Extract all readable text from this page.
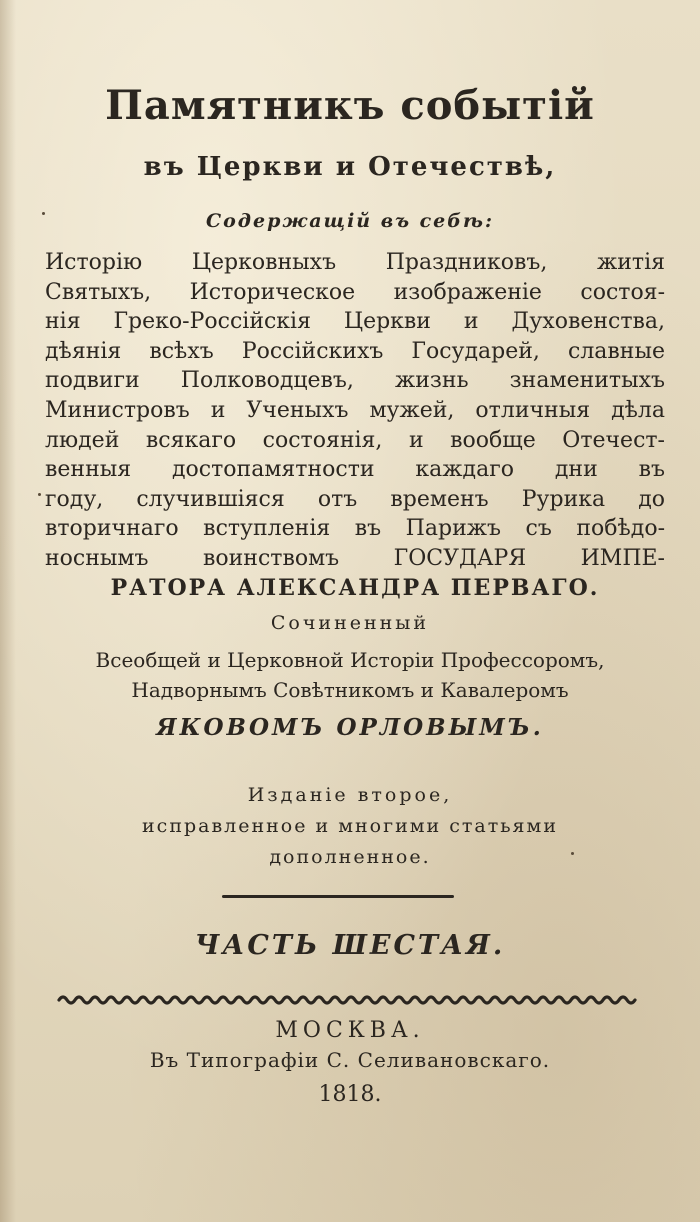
Памятникъ событій
въ Церкви и Отечествѣ,
Содержащій въ себѣ:
Исторію Церковныхъ Праздниковъ, житія
Святыхъ, Историческое изображеніе состоя-
нія Греко-Россійскія Церкви и Духовенства,
дѣянія всѣхъ Россійскихъ Государей, славные
подвиги Полководцевъ, жизнь знаменитыхъ
Министровъ и Ученыхъ мужей, отличныя дѣла
людей всякаго состоянія, и вообще Отечест-
венныя достопамятности каждаго дни въ
году, случившіяся отъ временъ Рурика до
вторичнаго вступленія въ Парижъ съ побѣдо-
носнымъ воинствомъ ГОСУДАРЯ ИМПЕ-
РАТОРА АЛЕКСАНДРА ПЕРВАГО.
Сочиненный
Всеобщей и Церковной Исторіи Профессоромъ,
Надворнымъ Совѣтникомъ и Кавалеромъ
ЯКОВОМЪ ОРЛОВЫМЪ.
Изданіе второе,
исправленное и многими статьями
дополненное.
ЧАСТЬ ШЕСТАЯ.
МОСКВА.
Въ Типографіи С. Селивановскаго.
1818.
